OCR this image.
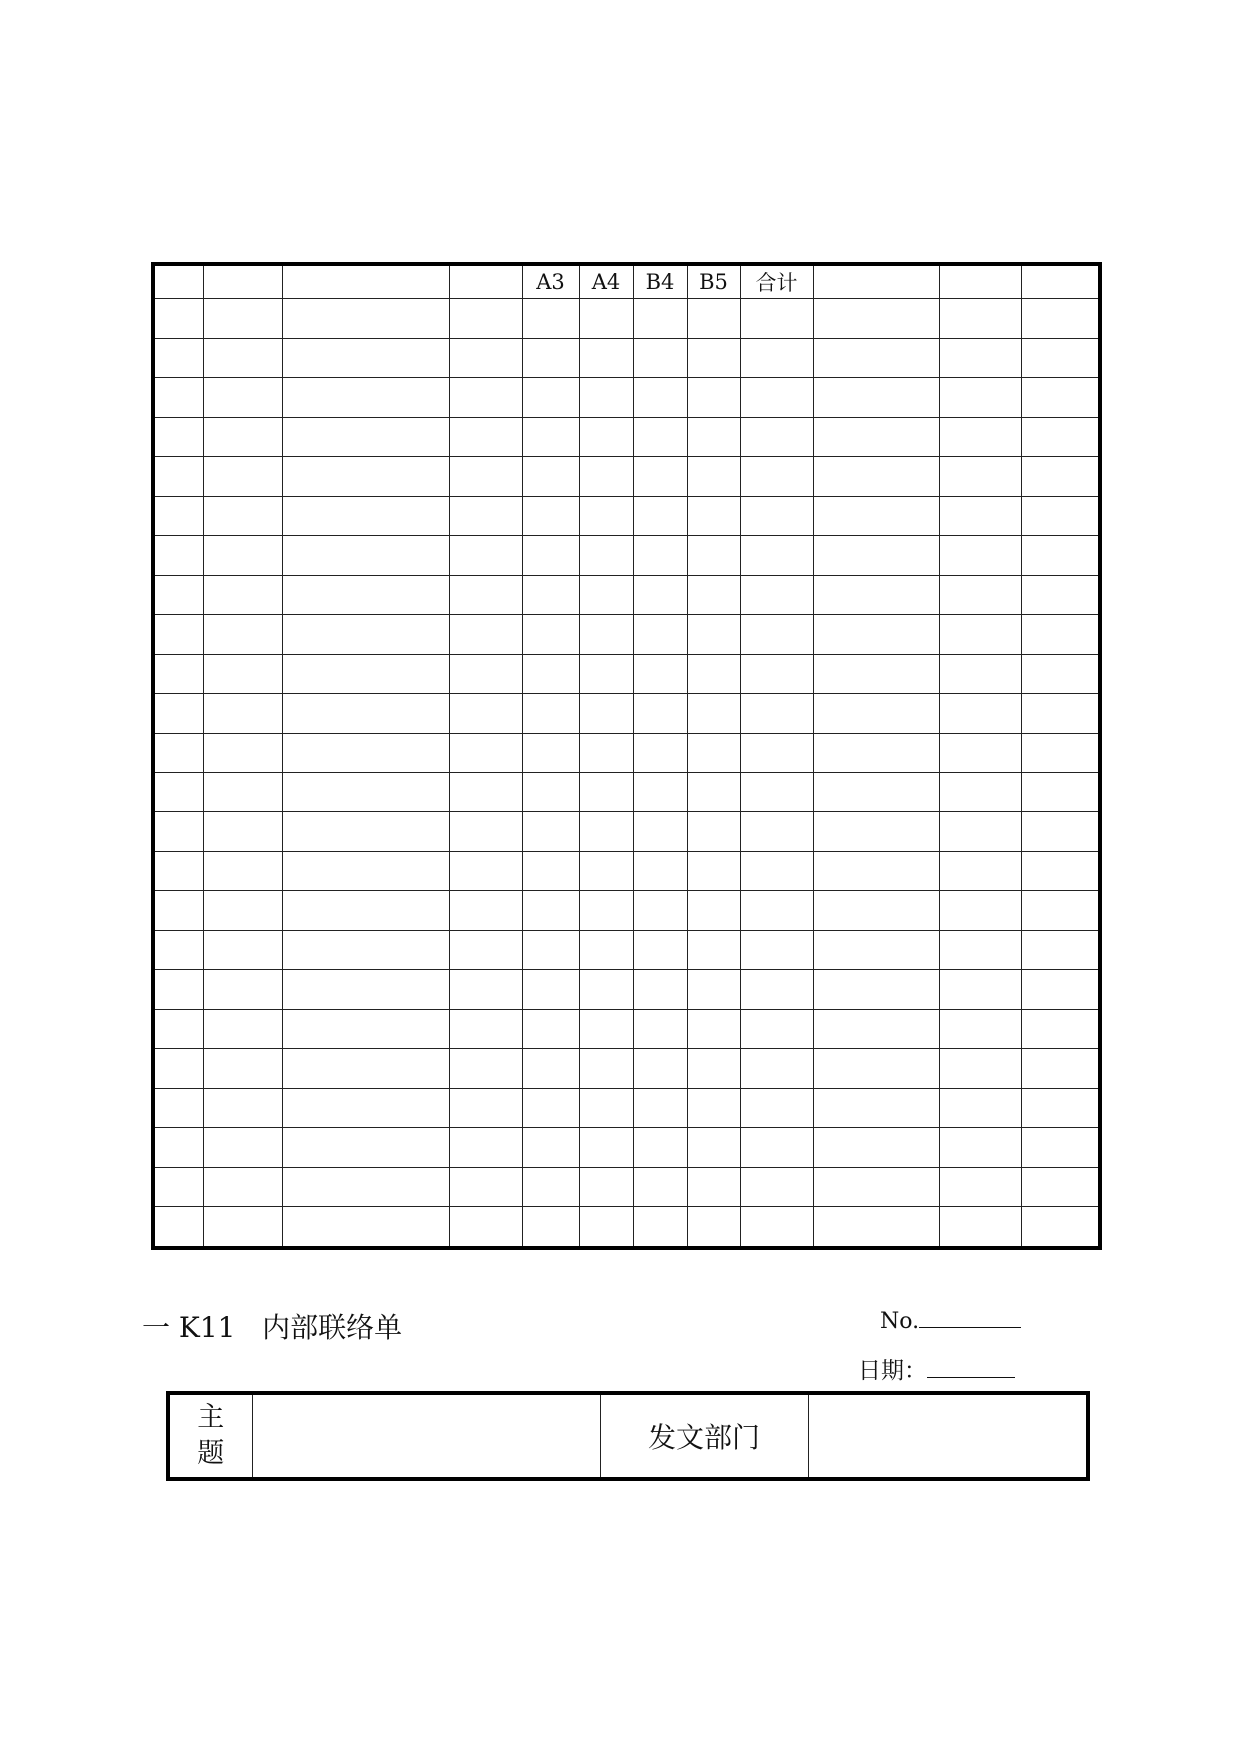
				A3	A4	B4	B5	合计			

一 K11   内部联络单	No.
日期：
主
题		发文部门	
